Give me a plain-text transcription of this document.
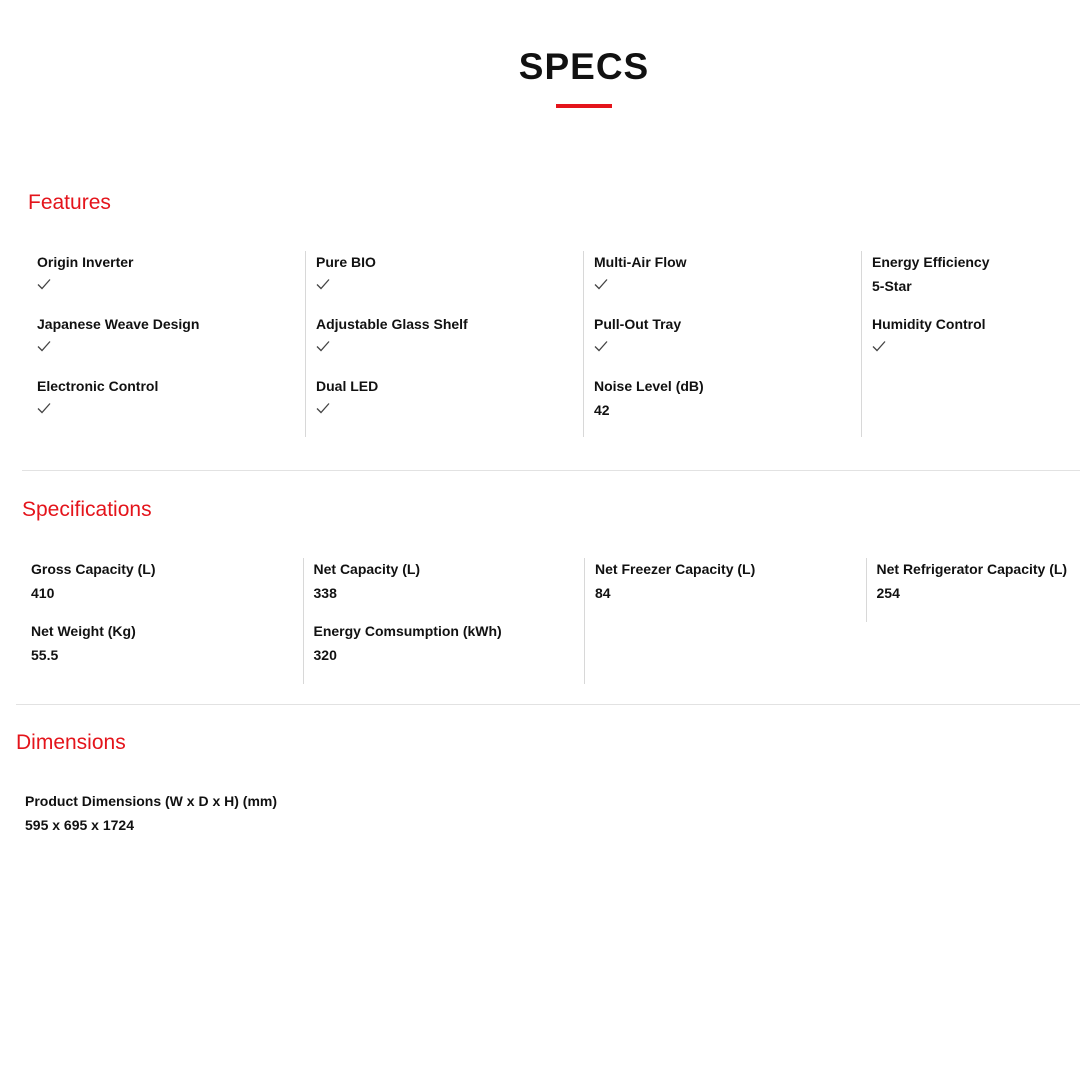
SPECS
Features
Origin Inverter
Japanese Weave Design
Electronic Control
Pure BIO
Adjustable Glass Shelf
Dual LED
Multi-Air Flow
Pull-Out Tray
Noise Level (dB)
42
Energy Efficiency
5-Star
Humidity Control
Specifications
Gross Capacity (L)
410
Net Weight (Kg)
55.5
Net Capacity (L)
338
Energy Comsumption (kWh)
320
Net Freezer Capacity (L)
84
Net Refrigerator Capacity (L)
254
Dimensions
Product Dimensions (W x D x H) (mm)
595 x 695 x 1724
